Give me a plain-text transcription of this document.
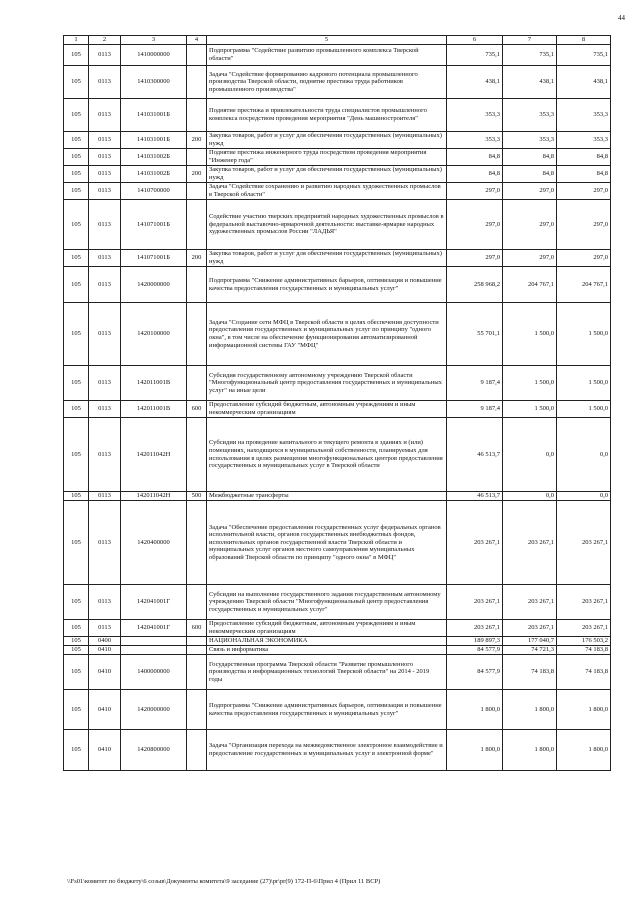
44
1	2	3	4	5	6	7	8
105	0113	1410000000		Подпрограмма "Содействие развитию промышленного комплекса Тверской области"	735,1	735,1	735,1
105	0113	1410300000		Задача "Содействие формированию кадрового потенциала промышленного производства Тверской области, поднятие престижа труда работников промышленного производства"	438,1	438,1	438,1
105	0113	141031001Б		Поднятие престижа и привлекательности труда специалистов промышленного комплекса посредством проведения мероприятия "День машиностроителя"	353,3	353,3	353,3
105	0113	141031001Б	200	Закупка товаров, работ и услуг для обеспечения государственных (муниципальных) нужд	353,3	353,3	353,3
105	0113	141031002Б		Поднятие престижа инженерного труда посредством проведения мероприятия "Инженер года"	84,8	84,8	84,8
105	0113	141031002Б	200	Закупка товаров, работ и услуг для обеспечения государственных (муниципальных) нужд	84,8	84,8	84,8
105	0113	1410700000		Задача "Содействие сохранению и развитию народных художественных промыслов в Тверской области"	297,0	297,0	297,0
105	0113	141071001Б		Содействие участию тверских предприятий народных художественных промыслов в федеральной выставочно-ярмарочной деятельности: выставке-ярмарке народных художественных промыслов России "ЛАДЬЯ"	297,0	297,0	297,0
105	0113	141071001Б	200	Закупка товаров, работ и услуг для обеспечения государственных (муниципальных) нужд	297,0	297,0	297,0
105	0113	1420000000		Подпрограмма "Снижение административных барьеров, оптимизация и повышение качества предоставления государственных и муниципальных услуг"	258 968,2	204 767,1	204 767,1
105	0113	1420100000		Задача "Создание сети МФЦ в Тверской области в целях обеспечения доступности предоставления государственных и муниципальных услуг по принципу "одного окна", в том числе на обеспечение функционирования автоматизированной информационной системы ГАУ "МФЦ"	55 701,1	1 500,0	1 500,0
105	0113	142011001В		Субсидия государственному автономному учреждению Тверской области "Многофункциональный центр предоставления государственных и муниципальных услуг" на иные цели	9 187,4	1 500,0	1 500,0
105	0113	142011001В	600	Предоставление субсидий бюджетным, автономным учреждениям и иным некоммерческим организациям	9 187,4	1 500,0	1 500,0
105	0113	142011042Н		Субсидии на проведение капитального и текущего ремонта в зданиях и (или) помещениях, находящихся в муниципальной собственности, планируемых для использования в целях размещения многофункциональных центров предоставления государственных и муниципальных услуг в Тверской области	46 513,7	0,0	0,0
105	0113	142011042Н	500	Межбюджетные трансферты	46 513,7	0,0	0,0
105	0113	1420400000		Задача "Обеспечение предоставления государственных услуг федеральных органов исполнительной власти, органов государственных внебюджетных фондов, исполнительных органов государственной власти Тверской области и муниципальных услуг органов местного самоуправления муниципальных образований Тверской области по принципу "одного окна" в МФЦ"	203 267,1	203 267,1	203 267,1
105	0113	142041001Г		Субсидии на выполнение государственного задания государственным автономному учреждению Тверской области "Многофункциональный центр предоставления государственных и муниципальных услуг"	203 267,1	203 267,1	203 267,1
105	0113	142041001Г	600	Предоставление субсидий бюджетным, автономным учреждениям и иным некоммерческим организациям	203 267,1	203 267,1	203 267,1
105	0400			НАЦИОНАЛЬНАЯ ЭКОНОМИКА	189 897,3	177 040,7	176 503,2
105	0410			Связь и информатика	84 577,9	74 721,3	74 183,8
105	0410	1400000000		Государственная программа Тверской области "Развитие промышленного производства и информационных технологий Тверской области" на 2014 - 2019 годы	84 577,9	74 183,8	74 183,8
105	0410	1420000000		Подпрограмма "Снижение административных барьеров, оптимизация и повышение качества предоставления государственных и муниципальных услуг"	1 800,0	1 800,0	1 800,0
105	0410	1420800000		Задача "Организация перехода на межведомственное электронное взаимодействие и предоставление государственных и муниципальных услуг в электронной форме"	1 800,0	1 800,0	1 800,0
\\Fs01\комитет по бюджету\6 созыв\Документы комитета\9 заседание (27)\pr\pr(9) 172-П-6\Прил 4 (Прил 11 ВСР)
